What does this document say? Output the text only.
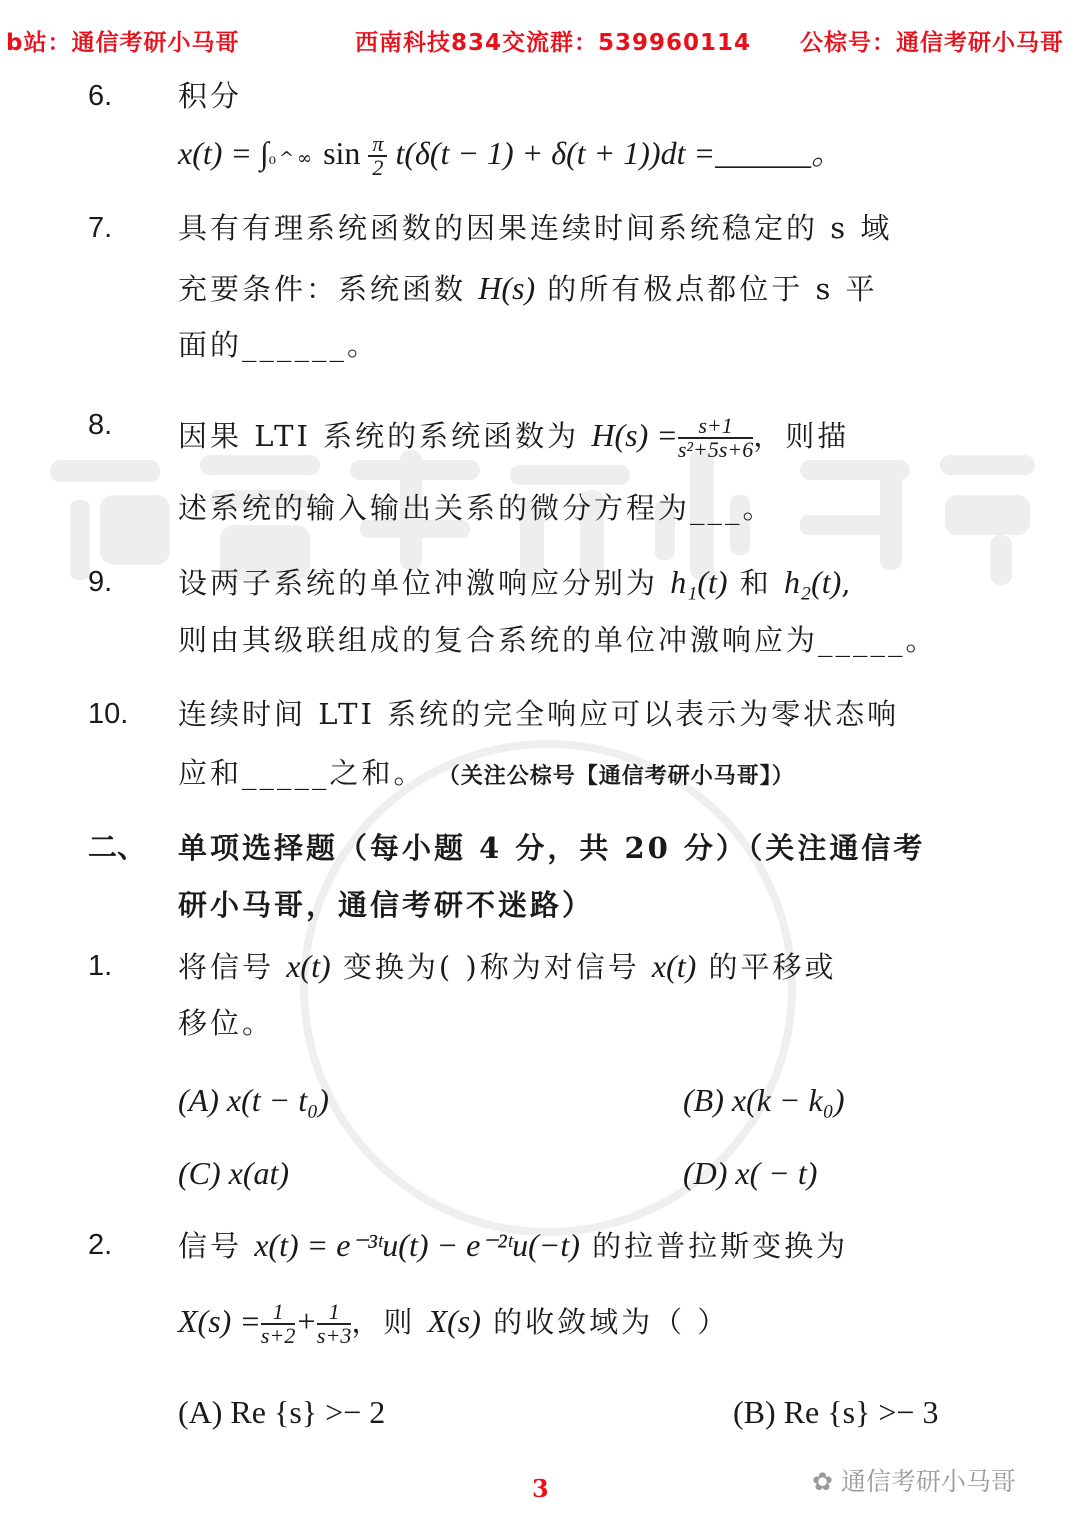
b站：通信考研小马哥	西南科技834交流群：539960114 公棕号：通信考研小马哥
6. 积分
x(t) = ∫₀^∞ $\sin \frac{\pi}{2} t(\delta(t - 1) + \delta(t + 1))dt$ =______。
7. 具有有理系统函数的因果连续时间系统稳定的 s 域
充要条件：系统函数 H(s) 的所有极点都位于 s 平
面的______。
8. 因果 LTI 系统的系统函数为 $H(s) = \frac{s+1}{\text{s²+5s+6}}$ ，则描
述系统的输入输出关系的微分方程为___。
9. 设两子系统的单位冲激响应分别为 h₁(t) 和 h₂(t),
则由其级联组成的复合系统的单位冲激响应为_____。
10. 连续时间 LTI 系统的完全响应可以表示为零状态响
应和_____之和。 （关注公棕号【通信考研小马哥】）
二、 单项选择题（每小题 4 分，共 20 分）（关注通信考
研小马哥，通信考研不迷路）
1. 将信号 x(t) 变换为( )称为对信号 x(t) 的平移或
移位。
(A) x(t − t₀)	(B) x(k − k₀)
(C) x(at)	(D) x( − t)
2. 信号 x(t) = e⁻³ᵗu(t) − e⁻²ᵗu(−t) 的拉普拉斯变换为
$X(s) = \frac{1}{s+2} + \frac{1}{s+3}$ ，则 X(s) 的收敛域为（ ）
(A) Re {s} >− 2	(B) Re {s} >− 3
3	✿ 通信考研小马哥
